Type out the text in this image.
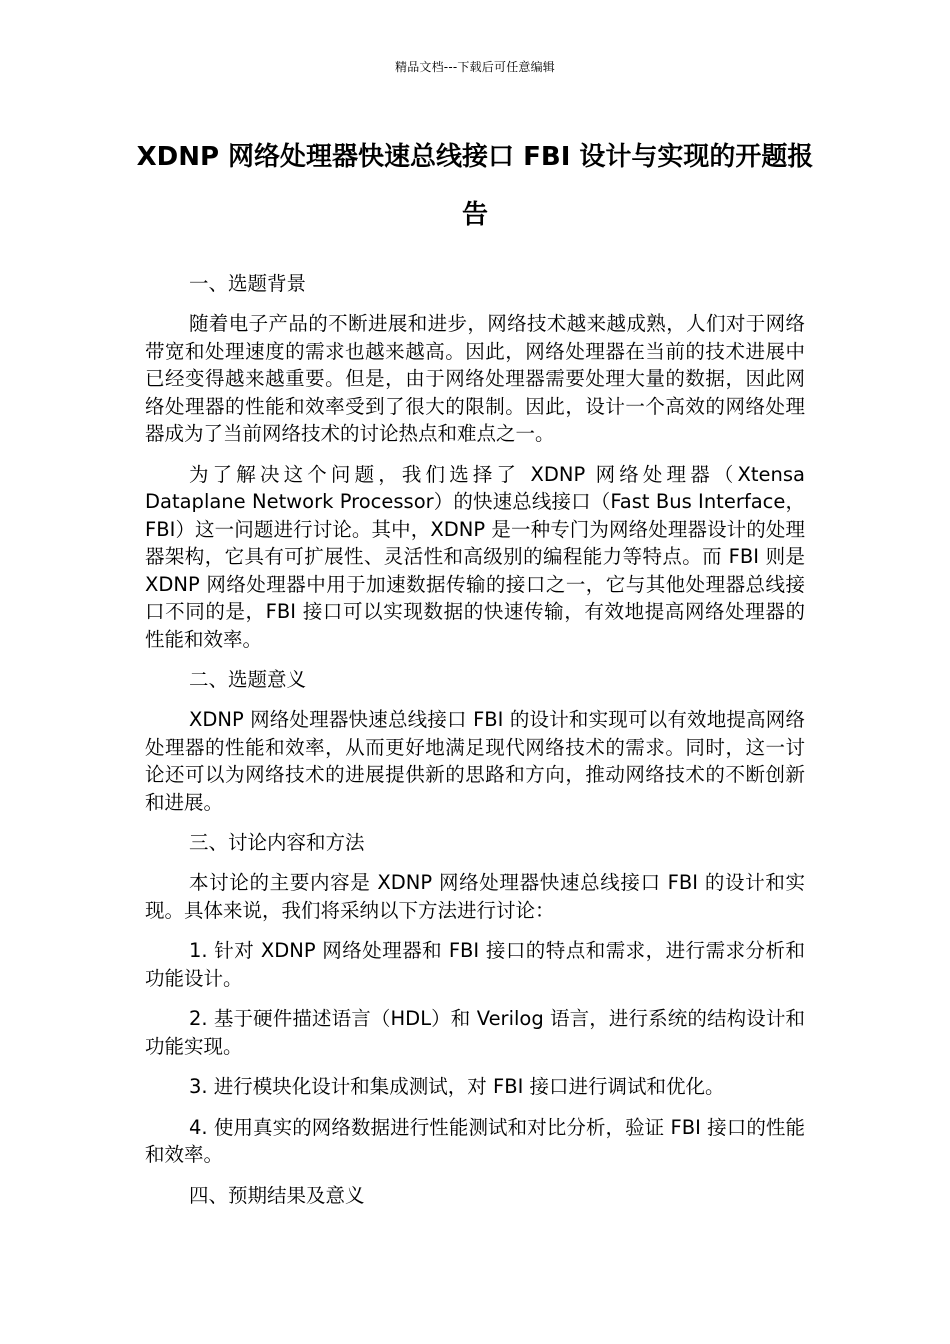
精品文档---下载后可任意编辑
XDNP 网络处理器快速总线接口 FBI 设计与实现的开题报告
一、选题背景
随着电子产品的不断进展和进步，网络技术越来越成熟，人们对于网络带宽和处理速度的需求也越来越高。因此，网络处理器在当前的技术进展中已经变得越来越重要。但是，由于网络处理器需要处理大量的数据，因此网络处理器的性能和效率受到了很大的限制。因此，设计一个高效的网络处理器成为了当前网络技术的讨论热点和难点之一。
为了解决这个问题，我们选择了 XDNP 网络处理器（Xtensa Dataplane Network Processor）的快速总线接口（Fast Bus Interface，FBI）这一问题进行讨论。其中，XDNP 是一种专门为网络处理器设计的处理器架构，它具有可扩展性、灵活性和高级别的编程能力等特点。而 FBI 则是 XDNP 网络处理器中用于加速数据传输的接口之一，它与其他处理器总线接口不同的是，FBI 接口可以实现数据的快速传输，有效地提高网络处理器的性能和效率。
二、选题意义
XDNP 网络处理器快速总线接口 FBI 的设计和实现可以有效地提高网络处理器的性能和效率，从而更好地满足现代网络技术的需求。同时，这一讨论还可以为网络技术的进展提供新的思路和方向，推动网络技术的不断创新和进展。
三、讨论内容和方法
本讨论的主要内容是 XDNP 网络处理器快速总线接口 FBI 的设计和实现。具体来说，我们将采纳以下方法进行讨论：
1. 针对 XDNP 网络处理器和 FBI 接口的特点和需求，进行需求分析和功能设计。
2. 基于硬件描述语言（HDL）和 Verilog 语言，进行系统的结构设计和功能实现。
3. 进行模块化设计和集成测试，对 FBI 接口进行调试和优化。
4. 使用真实的网络数据进行性能测试和对比分析，验证 FBI 接口的性能和效率。
四、预期结果及意义
